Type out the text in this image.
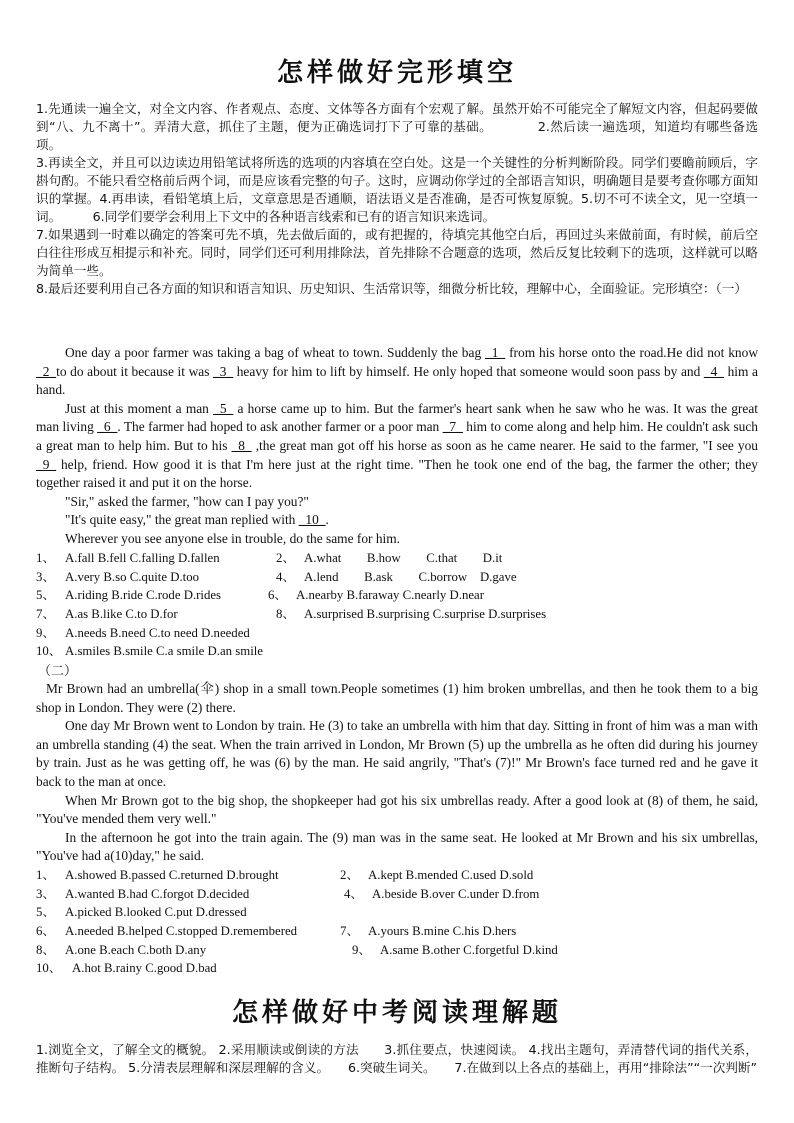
怎样做好完形填空
1.先通读一遍全文，对全文内容、作者观点、态度、文体等各方面有个宏观了解。虽然开始不可能完全了解短文内容，但起码要做到“八、九不离十”。弄清大意，抓住了主题，便为正确选词打下了可靠的基础。　　　　2.然后读一遍选项，知道均有哪些备选项。
3.再读全文，并且可以边读边用铅笔试将所选的选项的内容填在空白处。这是一个关键性的分析判断阶段。同学们要瞻前顾后，字斟句酌。不能只看空格前后两个词，而是应该看完整的句子。这时，应调动你学过的全部语言知识，明确题目是要考查你哪方面知识的掌握。4.再串读，看铅笔填上后，文章意思是否通顺，语法语义是否准确，是否可恢复原貌。5.切不可不读全文，见一空填一词。　　　6.同学们要学会利用上下文中的各种语言线索和已有的语言知识来选词。
7.如果遇到一时难以确定的答案可先不填，先去做后面的，或有把握的，待填完其他空白后，再回过头来做前面，有时候，前后空白往往形成互相提示和补充。同时，同学们还可利用排除法，首先排除不合题意的选项，然后反复比较剩下的选项，这样就可以略为简单一些。
8.最后还要利用自己各方面的知识和语言知识、历史知识、生活常识等，细微分析比较，理解中心，全面验证。完形填空：（一）
One day a poor farmer was taking a bag of wheat to town. Suddenly the bag _1_ from his horse onto the road.He did not know _2_to do about it because it was _3_ heavy for him to lift by himself. He only hoped that someone would soon pass by and _4_ him a hand.
Just at this moment a man _5_ a horse came up to him. But the farmer's heart sank when he saw who he was. It was the great man living _6_. The farmer had hoped to ask another farmer or a poor man _7_ him to come along and help him. He couldn't ask such a great man to help him. But to his _8_ ,the great man got off his horse as soon as he came nearer. He said to the farmer, "I see you _9_ help, friend. How good it is that I'm here just at the right time. "Then he took one end of the bag, the farmer the other; they together raised it and put it on the horse.
"Sir," asked the farmer, "how can I pay you?"
"It's quite easy," the great man replied with _10_.
Wherever you see anyone else in trouble, do the same for him.
1、 A.fall B.fell C.falling D.fallen	2、 A.what　　B.how　　C.that　　D.it
3、 A.very B.so C.quite D.too	4、 A.lend　　B.ask　　C.borrow　D.gave
5、 A.riding B.ride C.rode D.rides	6、 A.nearby B.faraway C.nearly D.near
7、 A.as B.like C.to D.for	8、 A.surprised B.surprising C.surprise D.surprises
9、 A.needs B.need C.to need D.needed
10、 A.smiles B.smile C.a smile D.an smile
（二）
Mr Brown had an umbrella(伞) shop in a small town.People sometimes (1) him broken umbrellas, and then he took them to a big shop in London. They were (2) there.
One day Mr Brown went to London by train. He (3) to take an umbrella with him that day. Sitting in front of him was a man with an umbrella standing (4) the seat. When the train arrived in London, Mr Brown (5) up the umbrella as he often did during his journey by train. Just as he was getting off, he was (6) by the man. He said angrily, "That's (7)!" Mr Brown's face turned red and he gave it back to the man at once.
When Mr Brown got to the big shop, the shopkeeper had got his six umbrellas ready. After a good look at (8) of them, he said, "You've mended them very well."
In the afternoon he got into the train again. The (9) man was in the same seat. He looked at Mr Brown and his six umbrellas, "You've had a(10)day," he said.
1、 A.showed B.passed C.returned D.brought	2、 A.kept B.mended C.used D.sold
3、 A.wanted B.had C.forgot D.decided	4、 A.beside B.over C.under D.from
5、 A.picked B.looked C.put D.dressed
6、 A.needed B.helped C.stopped D.remembered	7、 A.yours B.mine C.his D.hers
8、 A.one B.each C.both D.any	9、 A.same B.other C.forgetful D.kind
10、 A.hot B.rainy C.good D.bad
怎样做好中考阅读理解题
1.浏览全文，了解全文的概貌。 2.采用顺读或倒读的方法　　3.抓住要点，快速阅读。 4.找出主题句，弄清替代词的指代关系，推断句子结构。 5.分清表层理解和深层理解的含义。　　6.突破生词关。　　7.在做到以上各点的基础上，再用“排除法”“一次判断”
